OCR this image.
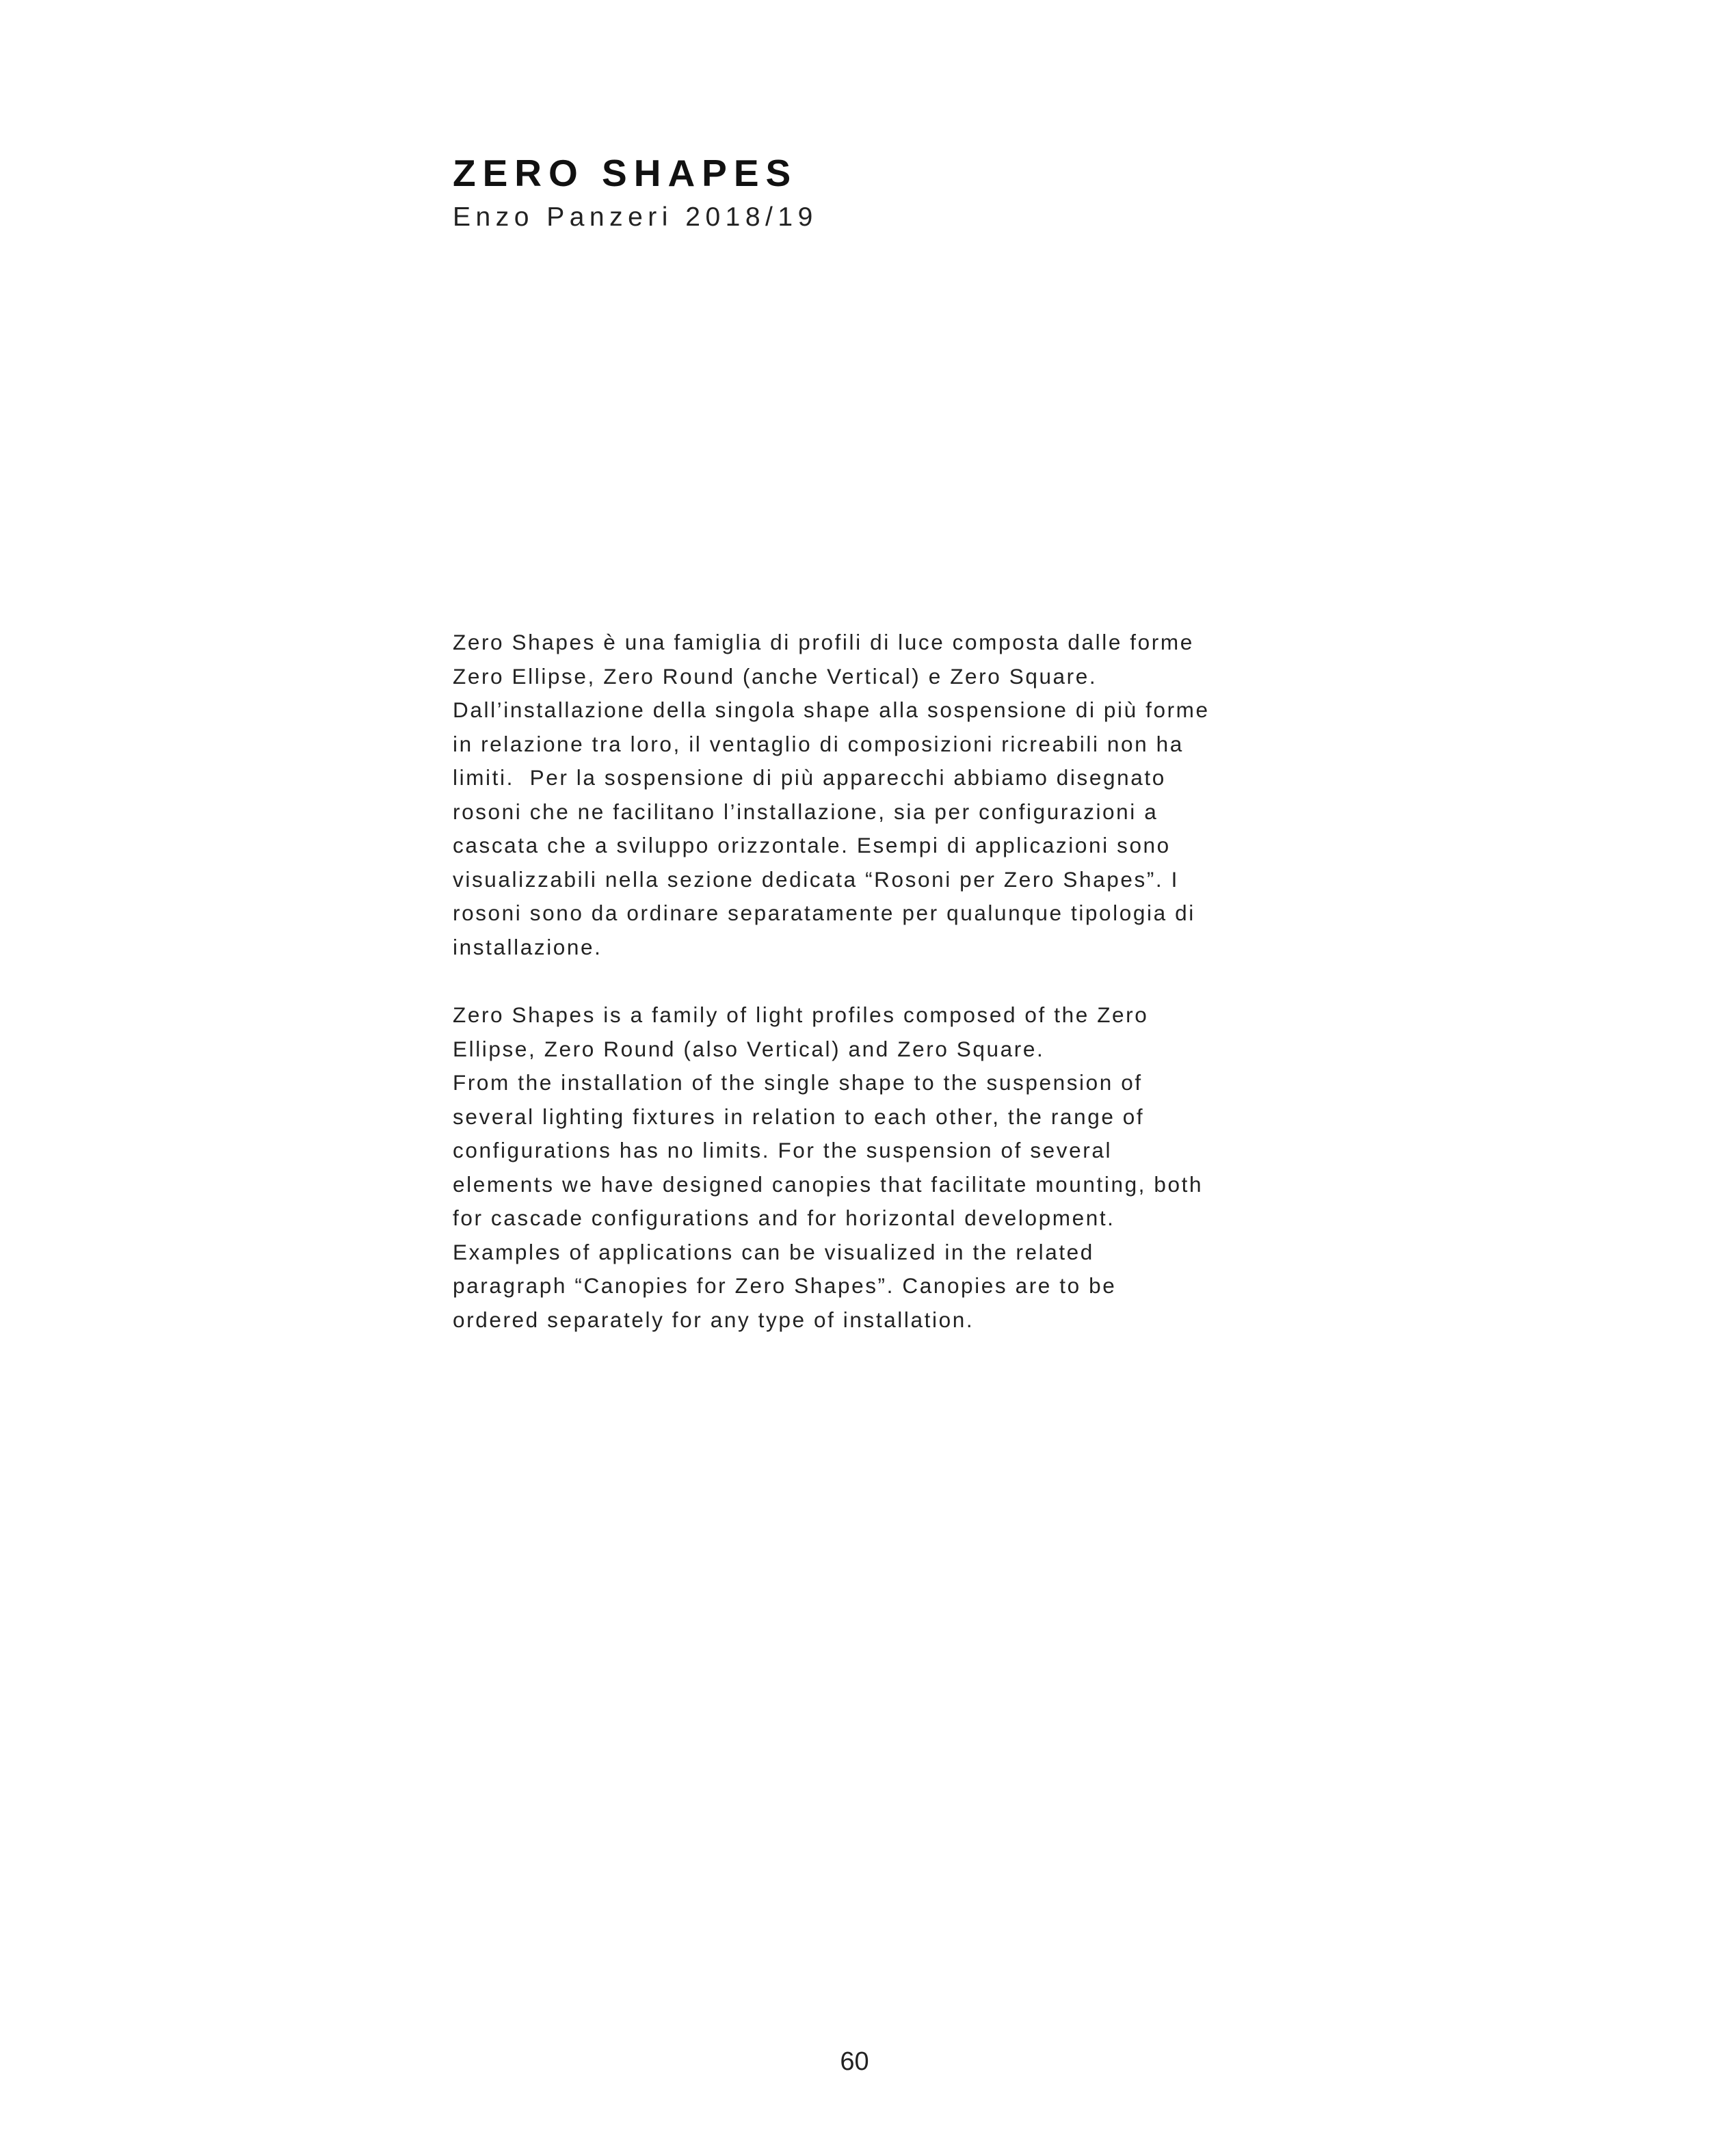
ZERO SHAPES
Enzo Panzeri 2018/19
Zero Shapes è una famiglia di profili di luce composta dalle forme
Zero Ellipse, Zero Round (anche Vertical) e Zero Square.
Dall’installazione della singola shape alla sospensione di più forme
in relazione tra loro, il ventaglio di composizioni ricreabili non ha
limiti.  Per la sospensione di più apparecchi abbiamo disegnato
rosoni che ne facilitano l’installazione, sia per configurazioni a
cascata che a sviluppo orizzontale. Esempi di applicazioni sono
visualizzabili nella sezione dedicata “Rosoni per Zero Shapes”. I
rosoni sono da ordinare separatamente per qualunque tipologia di
installazione.
Zero Shapes is a family of light profiles composed of the Zero
Ellipse, Zero Round (also Vertical) and Zero Square.
From the installation of the single shape to the suspension of
several lighting fixtures in relation to each other, the range of
configurations has no limits. For the suspension of several
elements we have designed canopies that facilitate mounting, both
for cascade configurations and for horizontal development.
Examples of applications can be visualized in the related
paragraph “Canopies for Zero Shapes”. Canopies are to be
ordered separately for any type of installation.
60
